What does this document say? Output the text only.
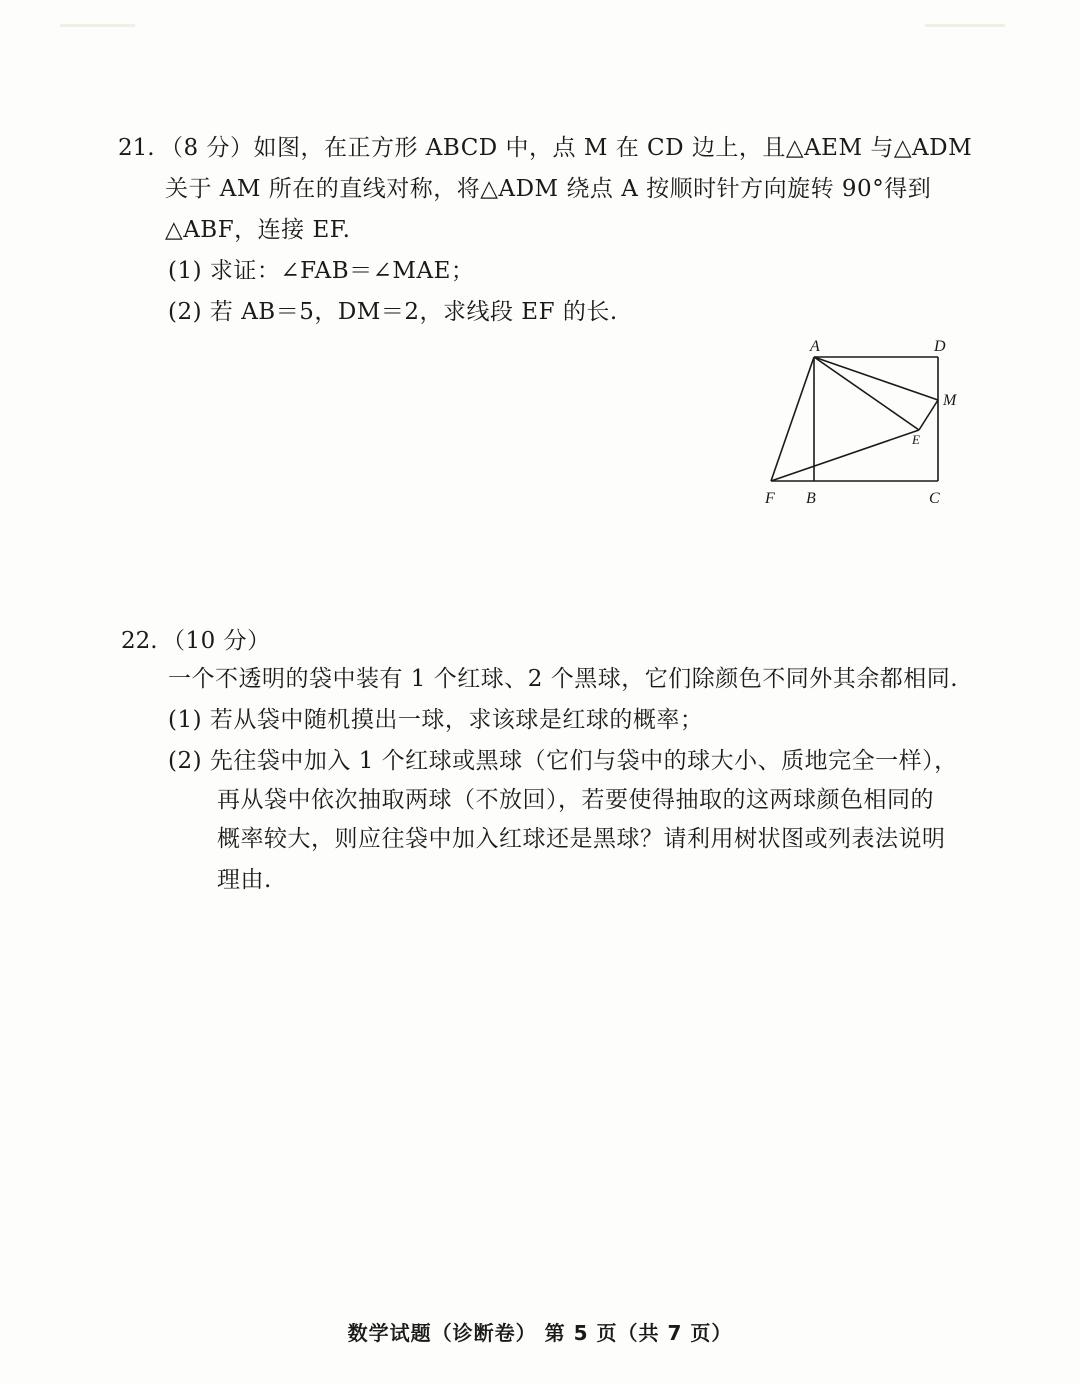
21. （8 分）如图，在正方形 ABCD 中，点 M 在 CD 边上，且△AEM 与△ADM
关于 AM 所在的直线对称，将△ADM 绕点 A 按顺时针方向旋转 90°得到
△ABF，连接 EF.
(1) 求证：∠FAB＝∠MAE；
(2) 若 AB＝5，DM＝2，求线段 EF 的长.
A	D
M
E
F B	C
22. （10 分）
一个不透明的袋中装有 1 个红球、2 个黑球，它们除颜色不同外其余都相同.
(1) 若从袋中随机摸出一球，求该球是红球的概率；
(2) 先往袋中加入 1 个红球或黑球（它们与袋中的球大小、质地完全一样），
再从袋中依次抽取两球（不放回），若要使得抽取的这两球颜色相同的
概率较大，则应往袋中加入红球还是黑球？请利用树状图或列表法说明
理由.
数学试题（诊断卷） 第 5 页（共 7 页）
